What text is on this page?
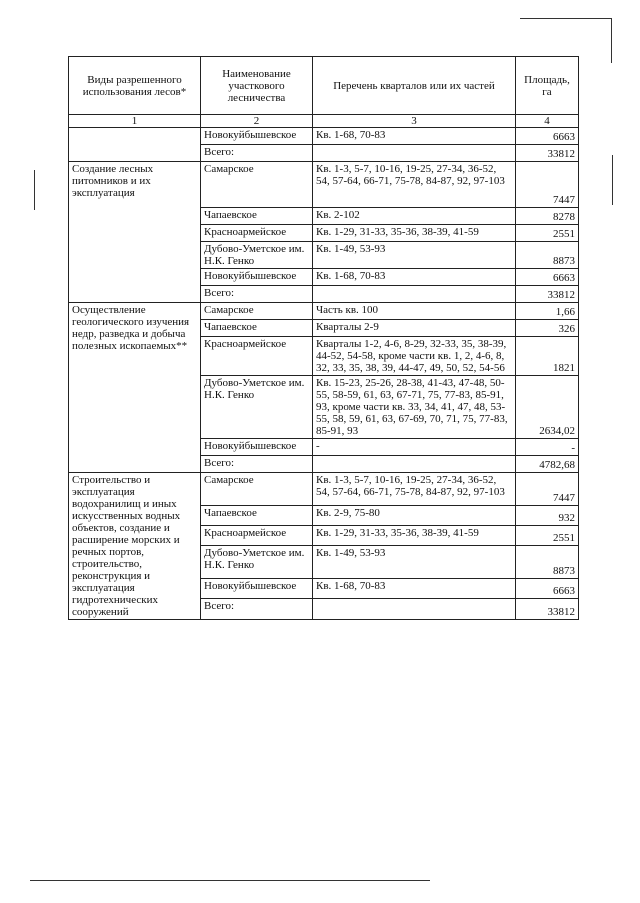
Виды разрешенного использования лесов*	Наименование участкового лесничества	Перечень кварталов или их частей	Площадь, га
1	2	3	4
	Новокуйбышевское	Кв. 1-68, 70-83	6663
	Всего:		33812
Создание лесных питомников и их эксплуатация	Самарское	Кв. 1-3, 5-7, 10-16, 19-25, 27-34, 36-52, 54, 57-64, 66-71, 75-78, 84-87, 92, 97-103	7447
	Чапаевское	Кв. 2-102	8278
	Красноармейское	Кв. 1-29, 31-33, 35-36, 38-39, 41-59	2551
	Дубово-Уметское им. Н.К. Генко	Кв. 1-49, 53-93	8873
	Новокуйбышевское	Кв. 1-68, 70-83	6663
	Всего:		33812
Осуществление геологического изучения недр, разведка и добыча полезных ископаемых**	Самарское	Часть кв. 100	1,66
	Чапаевское	Кварталы 2-9	326
	Красноармейское	Кварталы 1-2, 4-6, 8-29, 32-33, 35, 38-39, 44-52, 54-58, кроме части кв. 1, 2, 4-6, 8, 32, 33, 35, 38, 39, 44-47, 49, 50, 52, 54-56	1821
	Дубово-Уметское им. Н.К. Генко	Кв. 15-23, 25-26, 28-38, 41-43, 47-48, 50-55, 58-59, 61, 63, 67-71, 75, 77-83, 85-91, 93, кроме части кв. 33, 34, 41, 47, 48, 53-55, 58, 59, 61, 63, 67-69, 70, 71, 75, 77-83, 85-91, 93	2634,02
	Новокуйбышевское	-	-
	Всего:		4782,68
Строительство и эксплуатация водохранилищ и иных искусственных водных объектов, создание и расширение морских и речных портов, строительство, реконструкция и эксплуатация гидротехнических сооружений	Самарское	Кв. 1-3, 5-7, 10-16, 19-25, 27-34, 36-52, 54, 57-64, 66-71, 75-78, 84-87, 92, 97-103	7447
	Чапаевское	Кв. 2-9, 75-80	932
	Красноармейское	Кв. 1-29, 31-33, 35-36, 38-39, 41-59	2551
	Дубово-Уметское им. Н.К. Генко	Кв. 1-49, 53-93	8873
	Новокуйбышевское	Кв. 1-68, 70-83	6663
	Всего:		33812
